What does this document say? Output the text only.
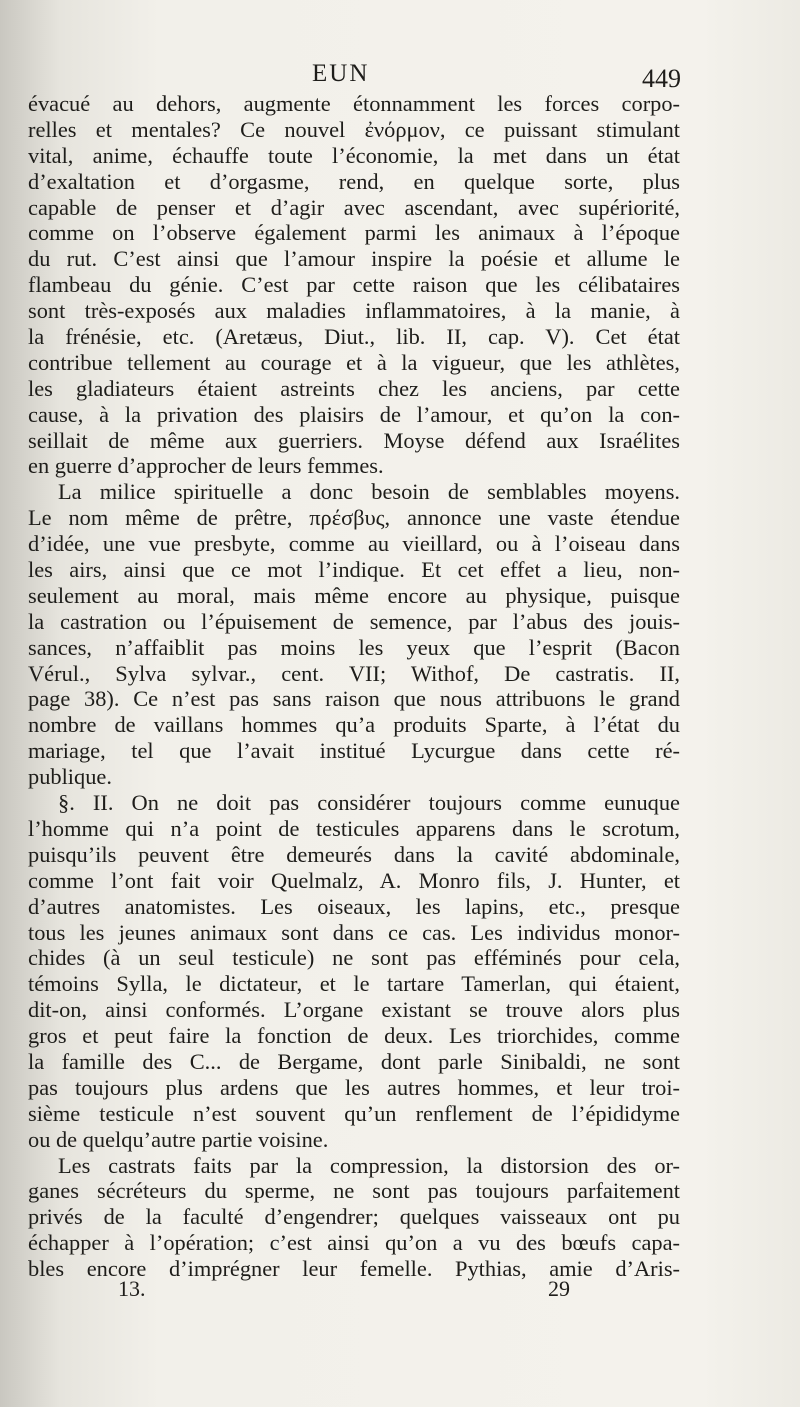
EUN	449
évacué au dehors, augmente étonnamment les forces corpo-
relles et mentales? Ce nouvel ἐνόρμον, ce puissant stimulant
vital, anime, échauffe toute l’économie, la met dans un état
d’exaltation et d’orgasme, rend, en quelque sorte, plus
capable de penser et d’agir avec ascendant, avec supériorité,
comme on l’observe également parmi les animaux à l’époque
du rut. C’est ainsi que l’amour inspire la poésie et allume le
flambeau du génie. C’est par cette raison que les célibataires
sont très-exposés aux maladies inflammatoires, à la manie, à
la frénésie, etc. (Aretæus, Diut., lib. II, cap. V). Cet état
contribue tellement au courage et à la vigueur, que les athlètes,
les gladiateurs étaient astreints chez les anciens, par cette
cause, à la privation des plaisirs de l’amour, et qu’on la con-
seillait de même aux guerriers. Moyse défend aux Israélites
en guerre d’approcher de leurs femmes.
La milice spirituelle a donc besoin de semblables moyens.
Le nom même de prêtre, πρέσβυς, annonce une vaste étendue
d’idée, une vue presbyte, comme au vieillard, ou à l’oiseau dans
les airs, ainsi que ce mot l’indique. Et cet effet a lieu, non-
seulement au moral, mais même encore au physique, puisque
la castration ou l’épuisement de semence, par l’abus des jouis-
sances, n’affaiblit pas moins les yeux que l’esprit (Bacon
Vérul., Sylva sylvar., cent. VII; Withof, De castratis. II,
page 38). Ce n’est pas sans raison que nous attribuons le grand
nombre de vaillans hommes qu’a produits Sparte, à l’état du
mariage, tel que l’avait institué Lycurgue dans cette ré-
publique.
§. II. On ne doit pas considérer toujours comme eunuque
l’homme qui n’a point de testicules apparens dans le scrotum,
puisqu’ils peuvent être demeurés dans la cavité abdominale,
comme l’ont fait voir Quelmalz, A. Monro fils, J. Hunter, et
d’autres anatomistes. Les oiseaux, les lapins, etc., presque
tous les jeunes animaux sont dans ce cas. Les individus monor-
chides (à un seul testicule) ne sont pas efféminés pour cela,
témoins Sylla, le dictateur, et le tartare Tamerlan, qui étaient,
dit-on, ainsi conformés. L’organe existant se trouve alors plus
gros et peut faire la fonction de deux. Les triorchides, comme
la famille des C... de Bergame, dont parle Sinibaldi, ne sont
pas toujours plus ardens que les autres hommes, et leur troi-
sième testicule n’est souvent qu’un renflement de l’épididyme
ou de quelqu’autre partie voisine.
Les castrats faits par la compression, la distorsion des or-
ganes sécréteurs du sperme, ne sont pas toujours parfaitement
privés de la faculté d’engendrer; quelques vaisseaux ont pu
échapper à l’opération; c’est ainsi qu’on a vu des bœufs capa-
bles encore d’imprégner leur femelle. Pythias, amie d’Aris-
13.	29
